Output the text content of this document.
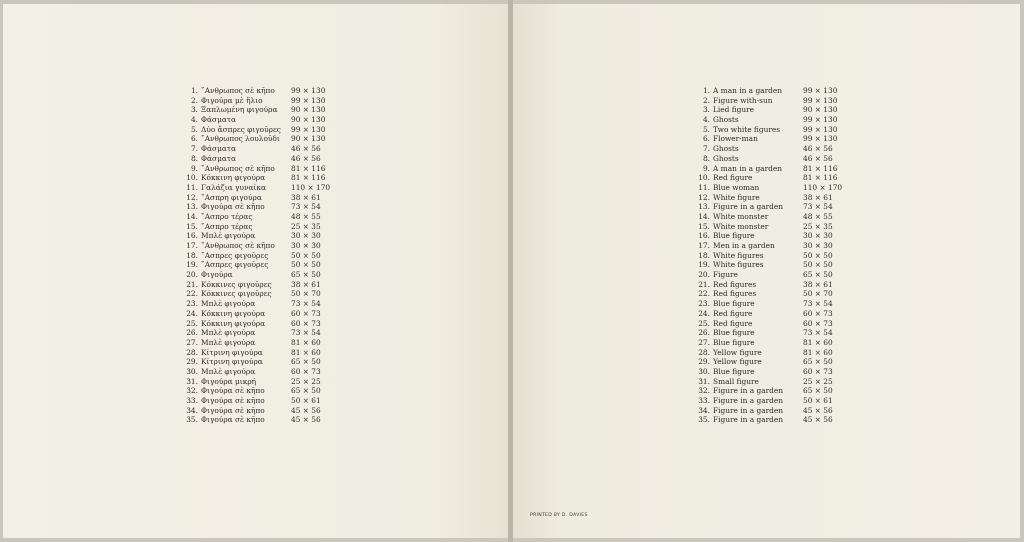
1. ῎Ανθρωπος σὲ κῆπο	99 × 130
2. Φιγούρα μὲ ἥλιο	99 × 130
3. Ξαπλωμένη φιγούρα	90 × 130
4. Φάσματα	90 × 130
5. Δύο ἄσπρες φιγοῦρες	99 × 130
6. ῎Ανθρωπος λουλοῦδι	90 × 130
7. Φάσματα	46 × 56
8. Φάσματα	46 × 56
9. ῎Ανθρωπος σὲ κῆπο	81 × 116
10. Κόκκινη φιγούρα	81 × 116
11. Γαλάζια γυναίκα	110 × 170
12. ῎Ασπρη φιγούρα	38 × 61
13. Φιγούρα σὲ κῆπο	73 × 54
14. ῎Ασπρο τέρας	48 × 55
15. ῎Ασπρο τέρας	25 × 35
16. Μπλὲ φιγούρα	30 × 30
17. ῎Ανθρωπος σὲ κῆπο	30 × 30
18. ῎Ασπρες φιγοῦρες	50 × 50
19. ῎Ασπρες φιγοῦρες	50 × 50
20. Φιγούρα	65 × 50
21. Κόκκινες φιγοῦρες	38 × 61
22. Κόκκινες φιγοῦρες	50 × 70
23. Μπλὲ φιγούρα	73 × 54
24. Κόκκινη φιγούρα	60 × 73
25. Κόκκινη φιγούρα	60 × 73
26. Μπλὲ φιγούρα	73 × 54
27. Μπλὲ φιγούρα	81 × 60
28. Κίτρινη φιγούρα	81 × 60
29. Κίτρινη φιγούρα	65 × 50
30. Μπλὲ φιγούρα	60 × 73
31. Φιγούρα μικρή	25 × 25
32. Φιγούρα σὲ κῆπο	65 × 50
33. Φιγούρα σὲ κῆπο	50 × 61
34. Φιγούρα σὲ κῆπο	45 × 56
35. Φιγούρα σὲ κῆπο	45 × 56
1. A man in a garden	99 × 130
2. Figure with-sun	99 × 130
3. Lied figure	90 × 130
4. Ghosts	99 × 130
5. Two white figures	99 × 130
6. Flower-man	99 × 130
7. Ghosts	46 × 56
8. Ghosts	46 × 56
9. A man in a garden	81 × 116
10. Red figure	81 × 116
11. Blue woman	110 × 170
12. White figure	38 × 61
13. Figure in a garden	73 × 54
14. White monster	48 × 55
15. White monster	25 × 35
16. Blue figure	30 × 30
17. Men in a garden	30 × 30
18. White figures	50 × 50
19. White figures	50 × 50
20. Figure	65 × 50
21. Red figures	38 × 61
22. Red figures	50 × 70
23. Blue figure	73 × 54
24. Red figure	60 × 73
25. Red figure	60 × 73
26. Blue figure	73 × 54
27. Blue figure	81 × 60
28. Yellow figure	81 × 60
29. Yellow figure	65 × 50
30. Blue figure	60 × 73
31. Small figure	25 × 25
32. Figure in a garden	65 × 50
33. Figure in a garden	50 × 61
34. Figure in a garden	45 × 56
35. Figure in a garden	45 × 56
PRINTED BY D. DAVIES
